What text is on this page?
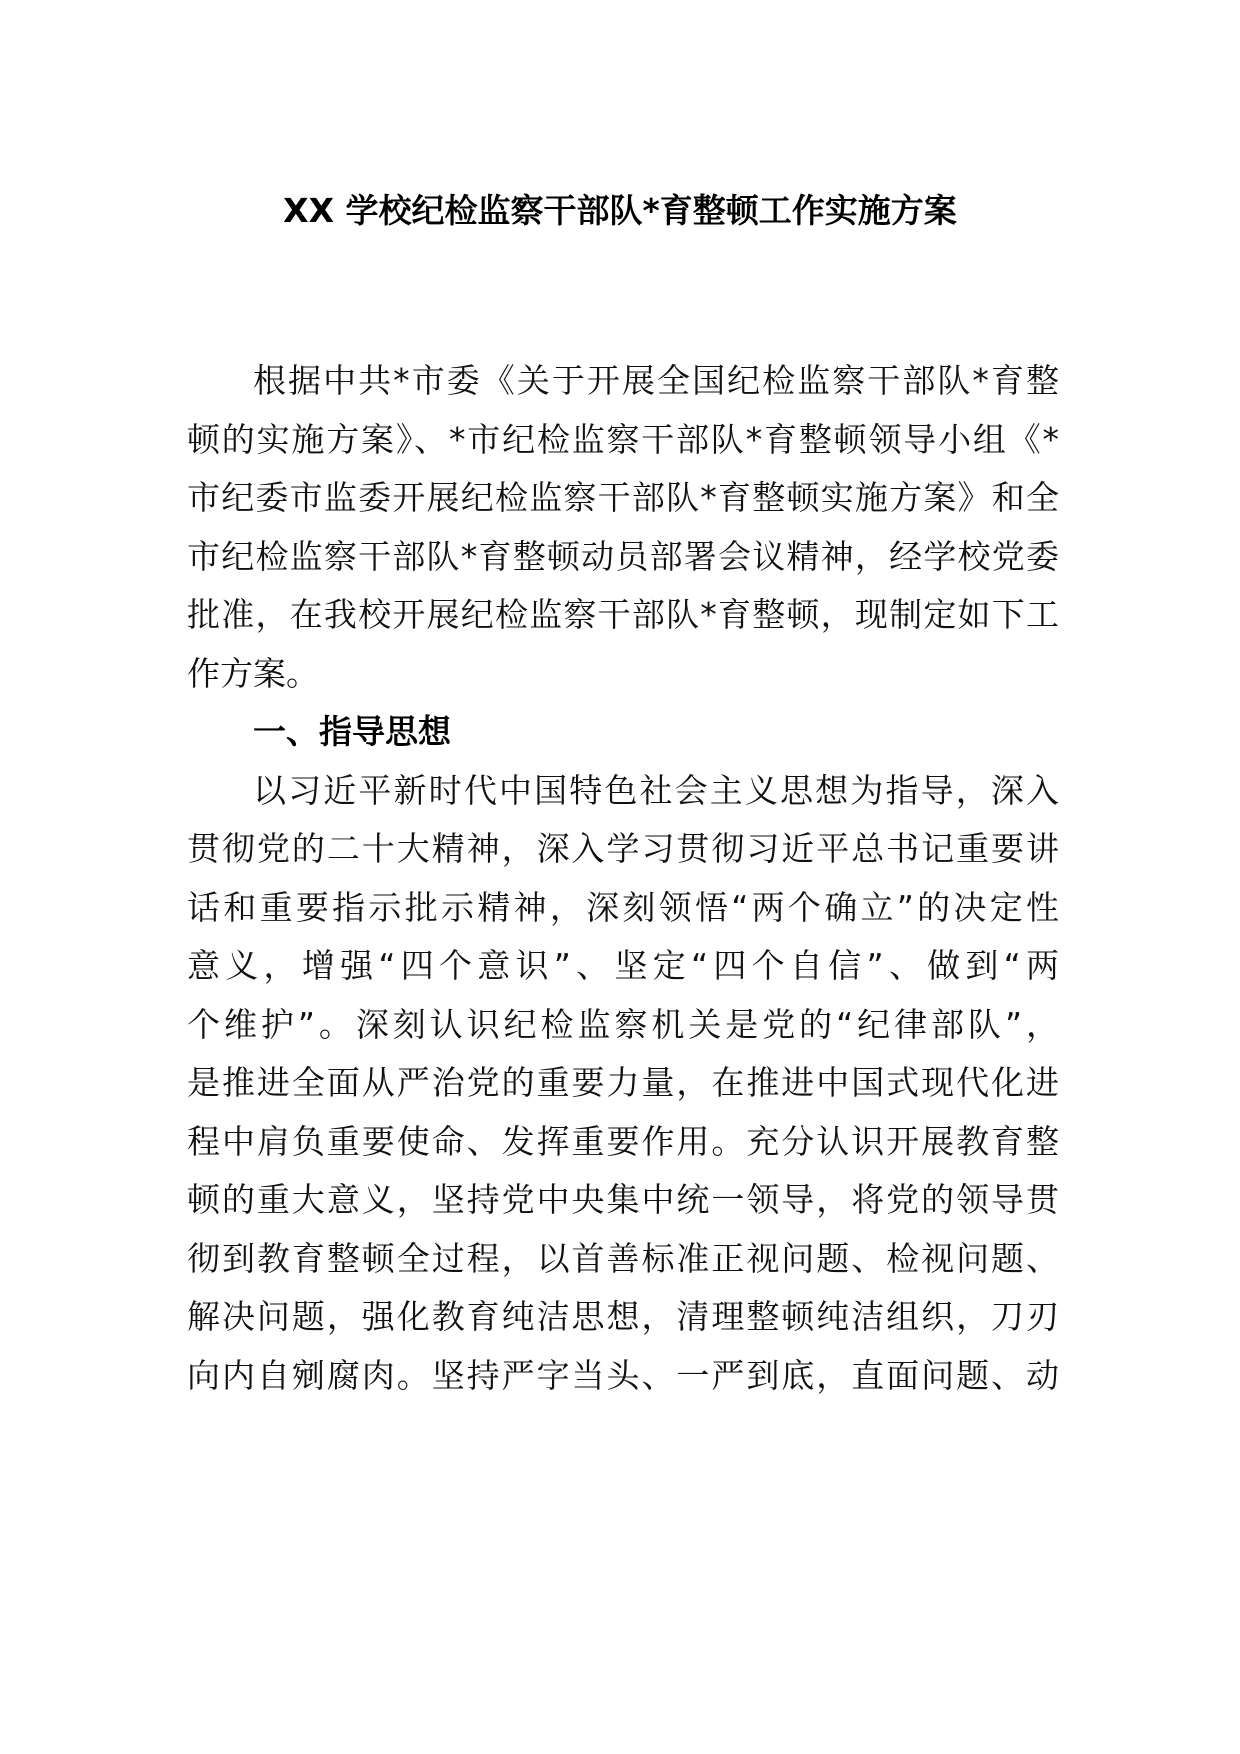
XX 学校纪检监察干部队*育整顿工作实施方案
根据中共*市委《关于开展全国纪检监察干部队*育整
顿的实施方案》、*市纪检监察干部队*育整顿领导小组《*
市纪委市监委开展纪检监察干部队*育整顿实施方案》和全
市纪检监察干部队*育整顿动员部署会议精神，经学校党委
批准，在我校开展纪检监察干部队*育整顿，现制定如下工
作方案。
一、指导思想
以习近平新时代中国特色社会主义思想为指导，深入
贯彻党的二十大精神，深入学习贯彻习近平总书记重要讲
话和重要指示批示精神，深刻领悟“两个确立”的决定性
意义，增强“四个意识”、坚定“四个自信”、做到“两
个维护”。深刻认识纪检监察机关是党的“纪律部队”，
是推进全面从严治党的重要力量，在推进中国式现代化进
程中肩负重要使命、发挥重要作用。充分认识开展教育整
顿的重大意义，坚持党中央集中统一领导，将党的领导贯
彻到教育整顿全过程，以首善标准正视问题、检视问题、
解决问题，强化教育纯洁思想，清理整顿纯洁组织，刀刃
向内自剜腐肉。坚持严字当头、一严到底，直面问题、动
